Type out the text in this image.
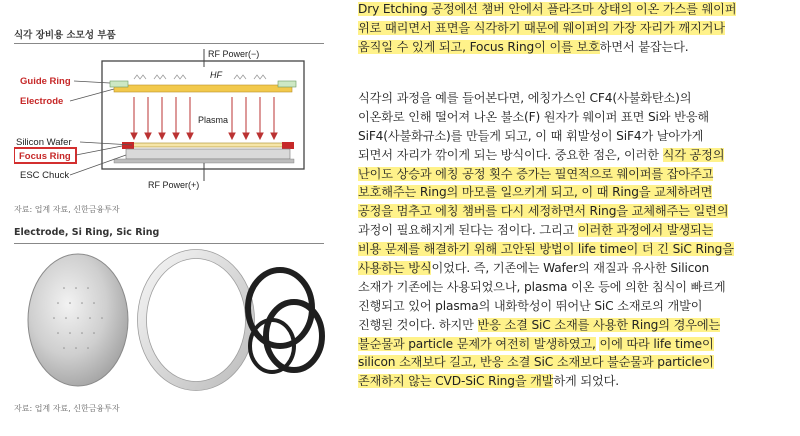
식각 장비용 소모성 부품
RF Power(−)
HF
Plasma
Guide Ring
Electrode
Silicon Wafer
Focus Ring
ESC Chuck
RF Power(+)
자료: 업계 자료, 신한금융투자
Electrode, Si Ring, Sic Ring
자료: 업계 자료, 신한금융투자
Dry Etching 공정에선 챔버 안에서 플라즈마 상태의 이온 가스를 웨이퍼
위로 때리면서 표면을 식각하기 때문에 웨이퍼의 가장 자리가 깨지거나
움직일 수 있게 되고, Focus Ring이 이를 보호하면서 붙잡는다.
식각의 과정을 예를 들어본다면, 에칭가스인 CF4(사불화탄소)의
이온화로 인해 떨어져 나온 불소(F) 원자가 웨이퍼 표면 Si와 반응해
SiF4(사불화규소)를 만들게 되고, 이 때 휘발성이 SiF4가 날아가게
되면서 자리가 깎이게 되는 방식이다. 중요한 점은, 이러한 식각 공정의
난이도 상승과 에칭 공정 횟수 증가는 필연적으로 웨이퍼를 잡아주고
보호해주는 Ring의 마모를 일으키게 되고, 이 때 Ring을 교체하려면
공정을 멈추고 에칭 챔버를 다시 세정하면서 Ring을 교체해주는 일련의
과정이 필요해지게 된다는 점이다. 그리고 이러한 과정에서 발생되는
비용 문제를 해결하기 위해 고안된 방법이 life time이 더 긴 SiC Ring을
사용하는 방식이었다. 즉, 기존에는 Wafer의 재질과 유사한 Silicon
소재가 기존에는 사용되었으나, plasma 이온 등에 의한 침식이 빠르게
진행되고 있어 plasma의 내화학성이 뛰어난 SiC 소재로의 개발이
진행된 것이다. 하지만 반응 소결 SiC 소재를 사용한 Ring의 경우에는
불순물과 particle 문제가 여전히 발생하였고, 이에 따라 life time이
silicon 소재보다 길고, 반응 소결 SiC 소재보다 불순물과 particle이
존재하지 않는 CVD-SiC Ring을 개발하게 되었다.
